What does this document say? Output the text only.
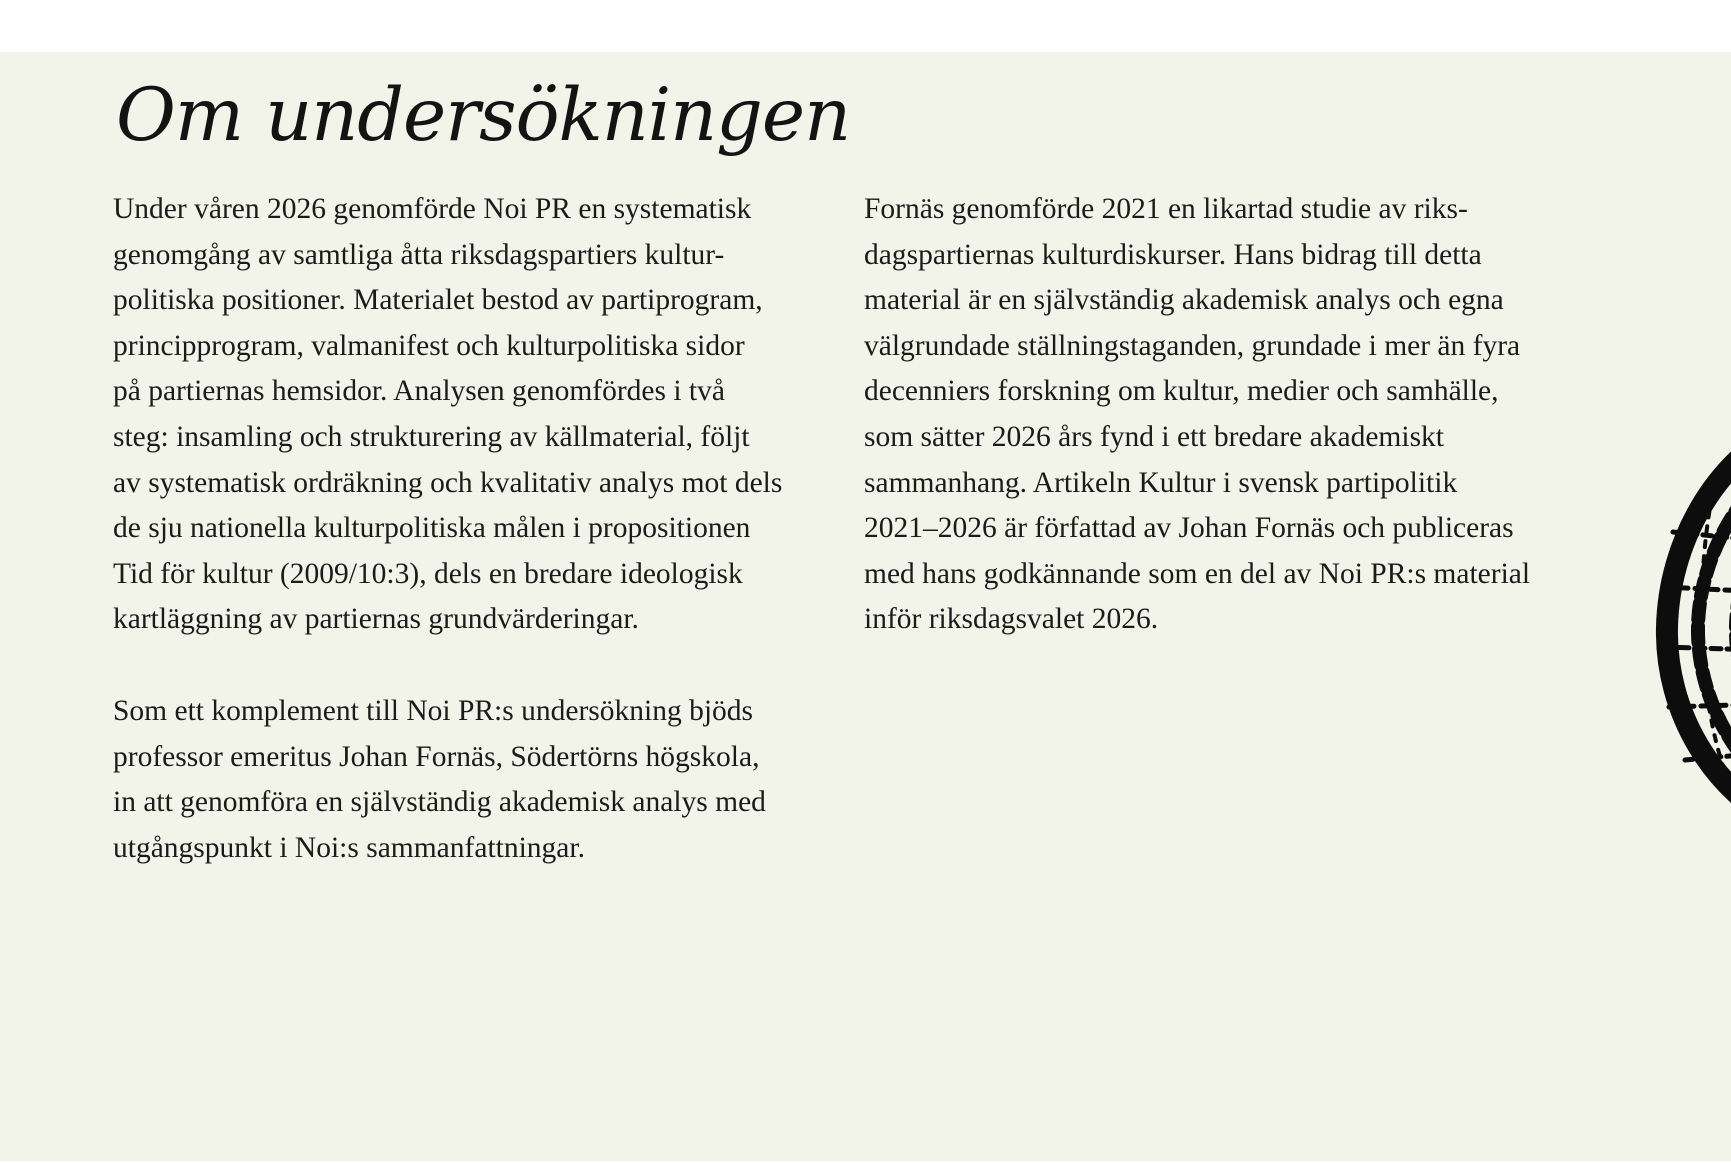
Om undersökningen

Under våren 2026 genomförde Noi PR en systematisk
genomgång av samtliga åtta riksdagspartiers kultur-
politiska positioner. Materialet bestod av partiprogram,
principprogram, valmanifest och kulturpolitiska sidor
på partiernas hemsidor. Analysen genomfördes i två
steg: insamling och strukturering av källmaterial, följt
av systematisk ordräkning och kvalitativ analys mot dels
de sju nationella kulturpolitiska målen i propositionen
Tid för kultur (2009/10:3), dels en bredare ideologisk
kartläggning av partiernas grundvärderingar.

Som ett komplement till Noi PR:s undersökning bjöds
professor emeritus Johan Fornäs, Södertörns högskola,
in att genomföra en självständig akademisk analys med
utgångspunkt i Noi:s sammanfattningar.

Fornäs genomförde 2021 en likartad studie av riks-
dagspartiernas kulturdiskurser. Hans bidrag till detta
material är en självständig akademisk analys och egna
välgrundade ställningstaganden, grundade i mer än fyra
decenniers forskning om kultur, medier och samhälle,
som sätter 2026 års fynd i ett bredare akademiskt
sammanhang. Artikeln Kultur i svensk partipolitik
2021–2026 är författad av Johan Fornäs och publiceras
med hans godkännande som en del av Noi PR:s material
inför riksdagsvalet 2026.
